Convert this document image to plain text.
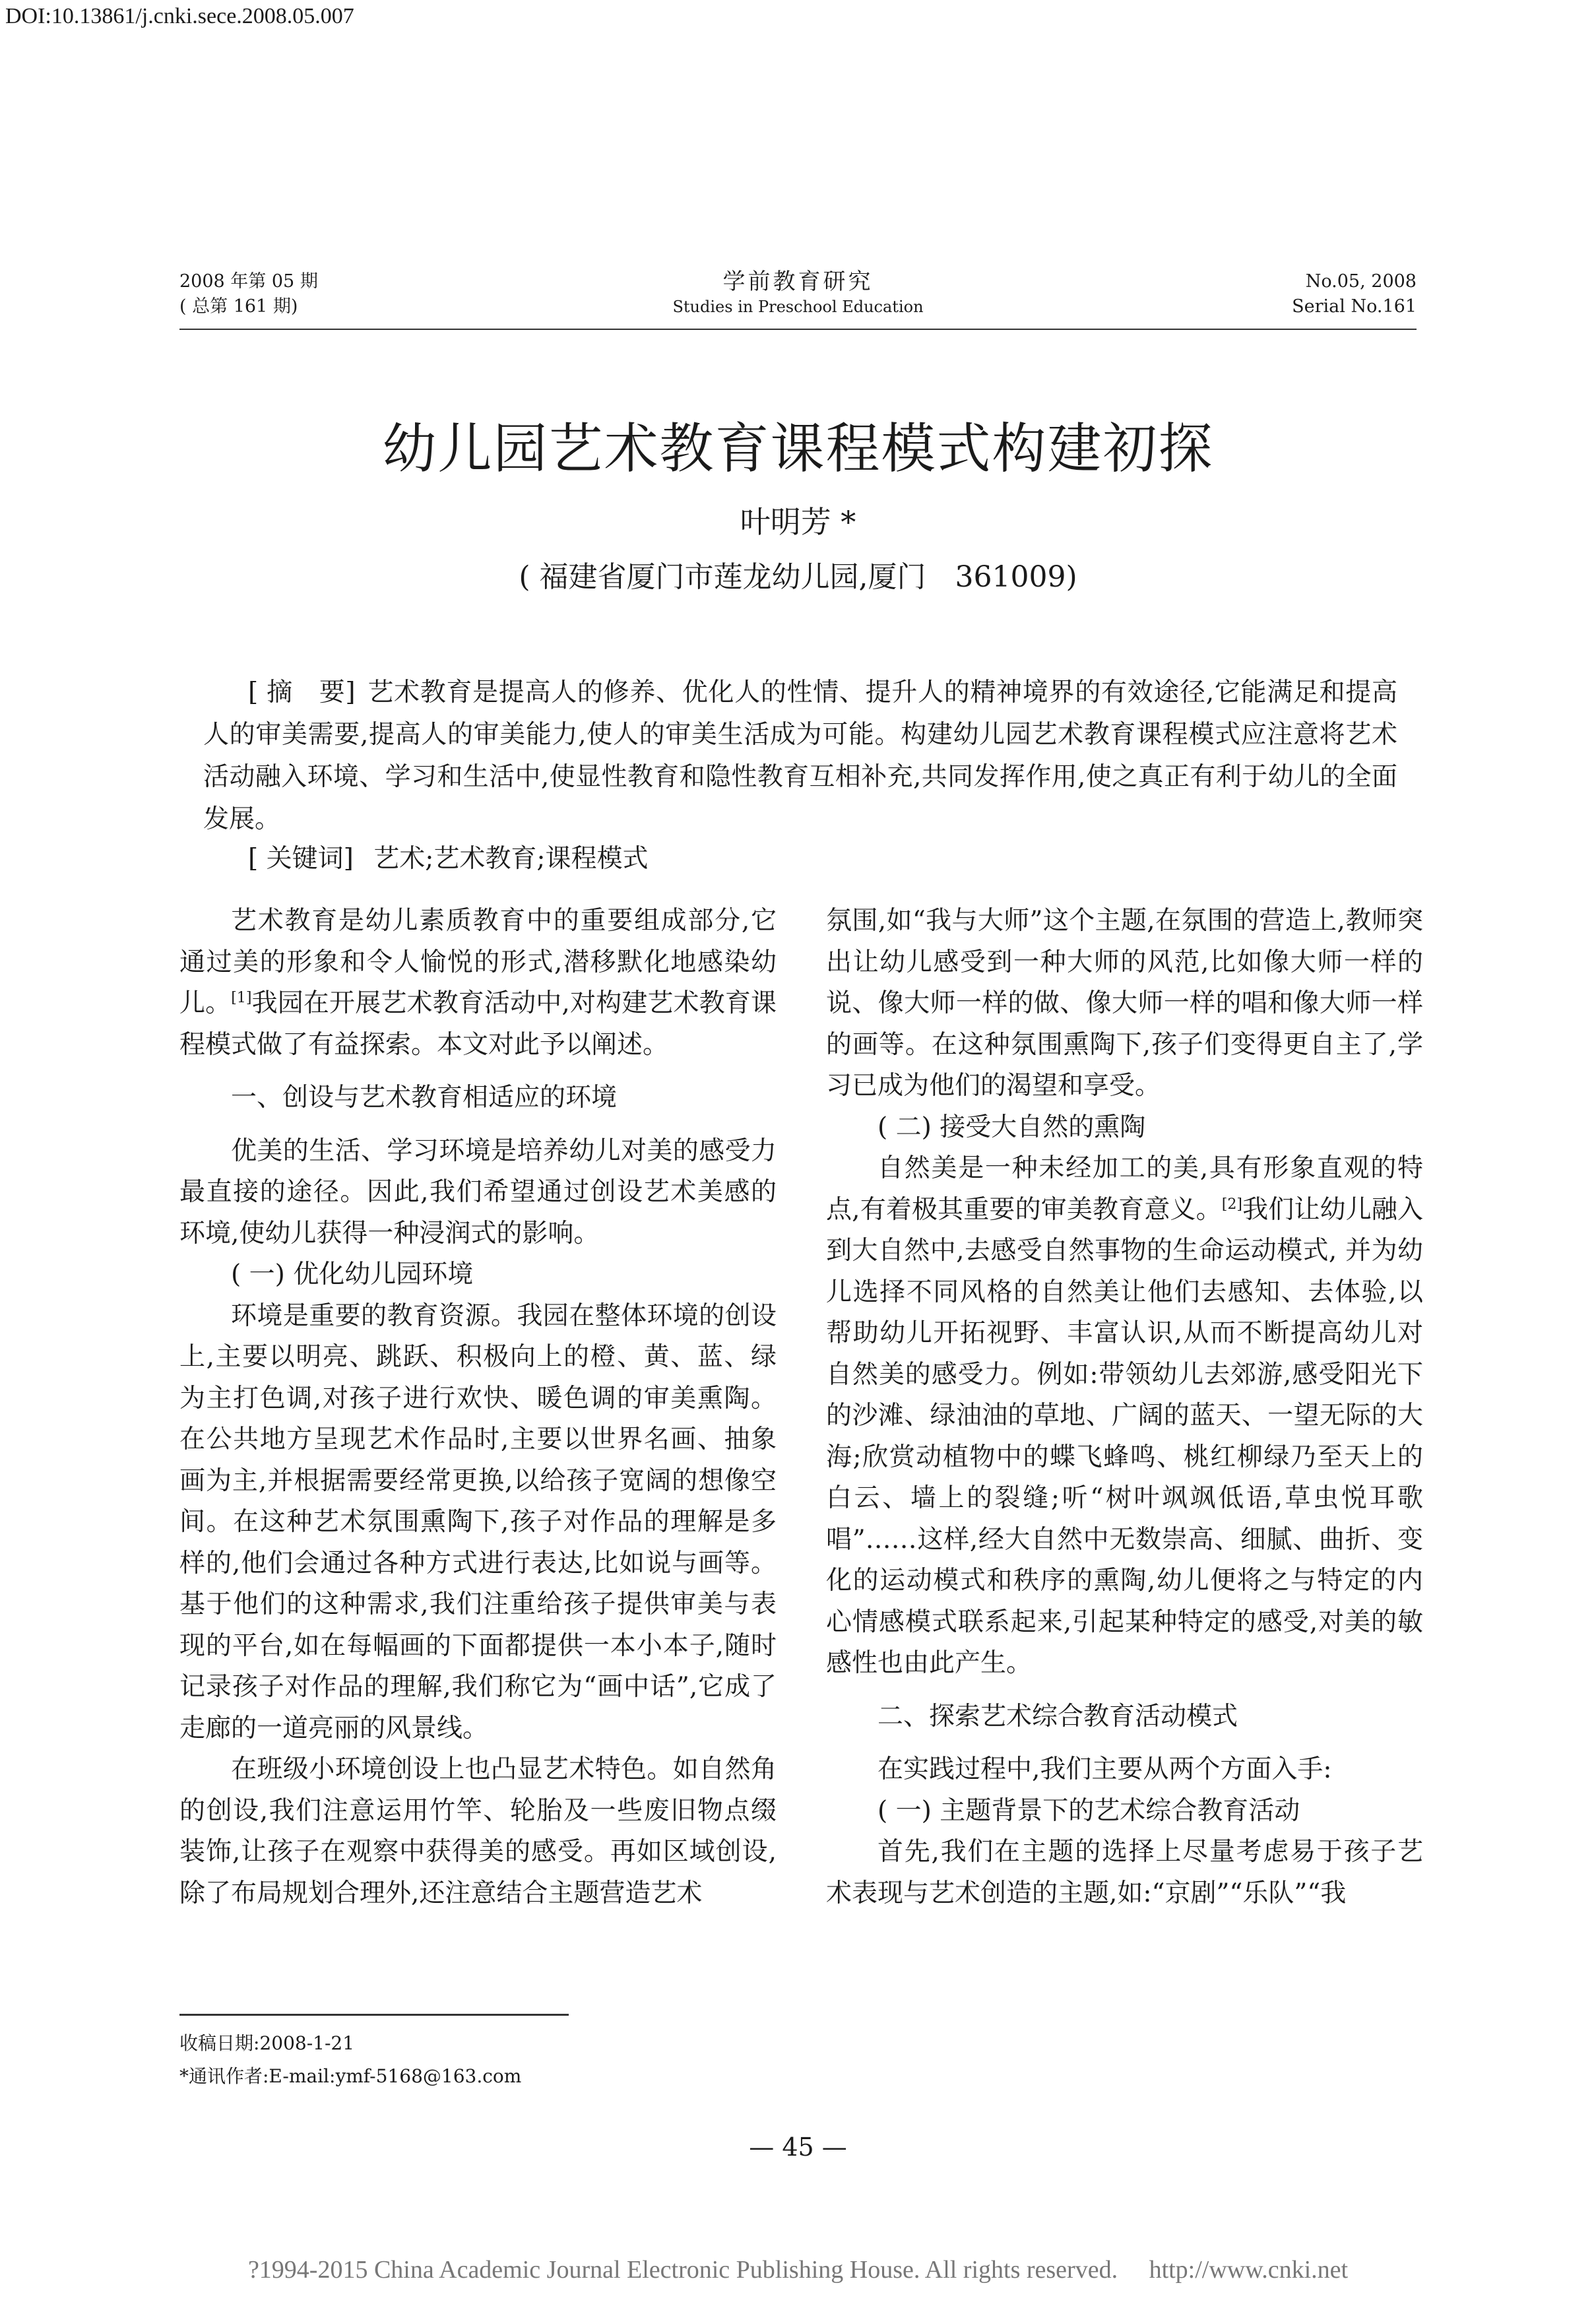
DOI:10.13861/j.cnki.sece.2008.05.007
2008 年第 05 期
( 总第 161 期)
学前教育研究
Studies in Preschool Education
No.05, 2008
Serial No.161
幼儿园艺术教育课程模式构建初探
叶明芳 *
( 福建省厦门市莲龙幼儿园,厦门　361009)

[ 摘　要] 艺术教育是提高人的修养、优化人的性情、提升人的精神境界的有效途径,它能满足和提高人的审美需要,提高人的审美能力,使人的审美生活成为可能。构建幼儿园艺术教育课程模式应注意将艺术活动融入环境、学习和生活中,使显性教育和隐性教育互相补充,共同发挥作用,使之真正有利于幼儿的全面发展。

[ 关键词] 艺术;艺术教育;课程模式

艺术教育是幼儿素质教育中的重要组成部分,它通过美的形象和令人愉悦的形式,潜移默化地感染幼儿。[1]我园在开展艺术教育活动中,对构建艺术教育课程模式做了有益探索。本文对此予以阐述。

一、创设与艺术教育相适应的环境

优美的生活、学习环境是培养幼儿对美的感受力最直接的途径。因此,我们希望通过创设艺术美感的环境,使幼儿获得一种浸润式的影响。

( 一) 优化幼儿园环境

环境是重要的教育资源。我园在整体环境的创设上,主要以明亮、跳跃、积极向上的橙、黄、蓝、绿为主打色调,对孩子进行欢快、暖色调的审美熏陶。在公共地方呈现艺术作品时,主要以世界名画、抽象画为主,并根据需要经常更换,以给孩子宽阔的想像空间。在这种艺术氛围熏陶下,孩子对作品的理解是多样的,他们会通过各种方式进行表达,比如说与画等。基于他们的这种需求,我们注重给孩子提供审美与表现的平台,如在每幅画的下面都提供一本小本子,随时记录孩子对作品的理解,我们称它为“画中话”,它成了走廊的一道亮丽的风景线。

在班级小环境创设上也凸显艺术特色。如自然角的创设,我们注意运用竹竿、轮胎及一些废旧物点缀装饰,让孩子在观察中获得美的感受。再如区域创设,除了布局规划合理外,还注意结合主题营造艺术

氛围,如“我与大师”这个主题,在氛围的营造上,教师突出让幼儿感受到一种大师的风范,比如像大师一样的说、像大师一样的做、像大师一样的唱和像大师一样的画等。在这种氛围熏陶下,孩子们变得更自主了,学习已成为他们的渴望和享受。

( 二) 接受大自然的熏陶

自然美是一种未经加工的美,具有形象直观的特点,有着极其重要的审美教育意义。[2]我们让幼儿融入到大自然中,去感受自然事物的生命运动模式, 并为幼儿选择不同风格的自然美让他们去感知、去体验,以帮助幼儿开拓视野、丰富认识,从而不断提高幼儿对自然美的感受力。例如:带领幼儿去郊游,感受阳光下的沙滩、绿油油的草地、广阔的蓝天、一望无际的大海;欣赏动植物中的蝶飞蜂鸣、桃红柳绿乃至天上的白云、墙上的裂缝;听“树叶飒飒低语,草虫悦耳歌唱”……这样,经大自然中无数崇高、细腻、曲折、变化的运动模式和秩序的熏陶,幼儿便将之与特定的内心情感模式联系起来,引起某种特定的感受,对美的敏感性也由此产生。

二、探索艺术综合教育活动模式

在实践过程中,我们主要从两个方面入手:

( 一) 主题背景下的艺术综合教育活动

首先,我们在主题的选择上尽量考虑易于孩子艺术表现与艺术创造的主题,如:“京剧”“乐队”“我

收稿日期:2008-1-21
*通讯作者:E-mail:ymf-5168@163.com
— 45 —
?1994-2015 China Academic Journal Electronic Publishing House. All rights reserved.　 http://www.cnki.net
